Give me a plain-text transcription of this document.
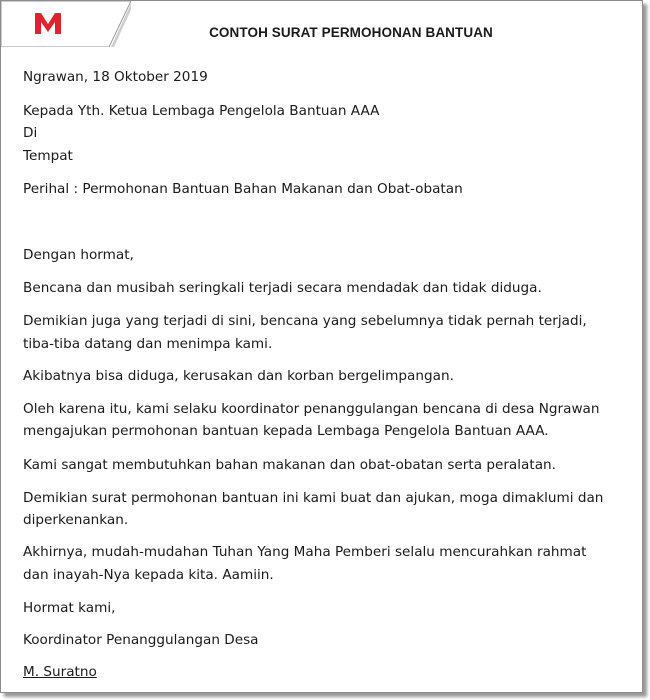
CONTOH SURAT PERMOHONAN BANTUAN
Ngrawan, 18 Oktober 2019
Kepada Yth. Ketua Lembaga Pengelola Bantuan AAA
Di
Tempat
Perihal : Permohonan Bantuan Bahan Makanan dan Obat-obatan
Dengan hormat,
Bencana dan musibah seringkali terjadi secara mendadak dan tidak diduga.
Demikian juga yang terjadi di sini, bencana yang sebelumnya tidak pernah terjadi,
tiba-tiba datang dan menimpa kami.
Akibatnya bisa diduga, kerusakan dan korban bergelimpangan.
Oleh karena itu, kami selaku koordinator penanggulangan bencana di desa Ngrawan
mengajukan permohonan bantuan kepada Lembaga Pengelola Bantuan AAA.
Kami sangat membutuhkan bahan makanan dan obat-obatan serta peralatan.
Demikian surat permohonan bantuan ini kami buat dan ajukan, moga dimaklumi dan
diperkenankan.
Akhirnya, mudah-mudahan Tuhan Yang Maha Pemberi selalu mencurahkan rahmat
dan inayah-Nya kepada kita. Aamiin.
Hormat kami,
Koordinator Penanggulangan Desa
M. Suratno
